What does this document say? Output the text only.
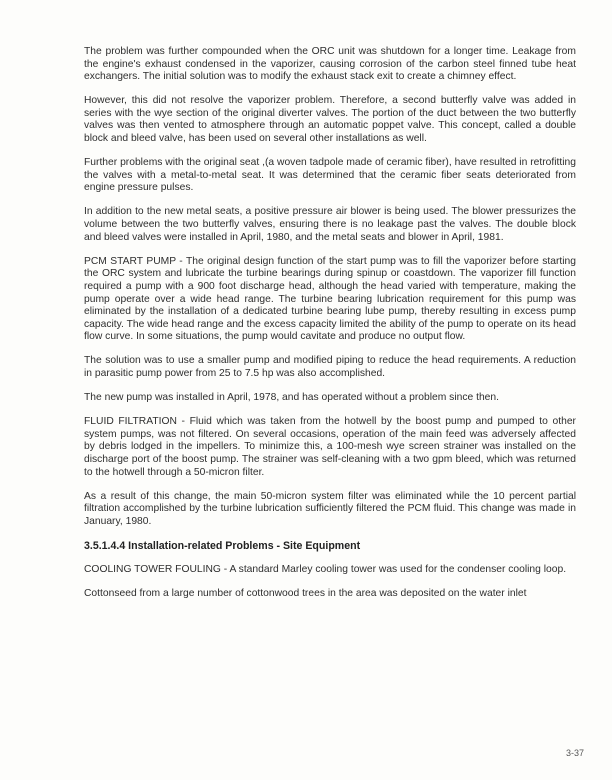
The problem was further compounded when the ORC unit was shutdown for a longer time. Leakage from the engine's exhaust condensed in the vaporizer, causing corrosion of the carbon steel finned tube heat exchangers. The initial solution was to modify the exhaust stack exit to create a chimney effect.

However, this did not resolve the vaporizer problem. Therefore, a second butterfly valve was added in series with the wye section of the original diverter valves. The portion of the duct between the two butterfly valves was then vented to atmosphere through an automatic poppet valve. This concept, called a double block and bleed valve, has been used on several other installations as well.

Further problems with the original seat ,(a woven tadpole made of ceramic fiber), have resulted in retrofitting the valves with a metal-to-metal seat. It was determined that the ceramic fiber seats deteriorated from engine pressure pulses.

In addition to the new metal seats, a positive pressure air blower is being used. The blower pressurizes the volume between the two butterfly valves, ensuring there is no leakage past the valves. The double block and bleed valves were installed in April, 1980, and the metal seats and blower in April, 1981.

PCM START PUMP - The original design function of the start pump was to fill the vaporizer before starting the ORC system and lubricate the turbine bearings during spinup or coastdown. The vaporizer fill function required a pump with a 900 foot discharge head, although the head varied with temperature, making the pump operate over a wide head range. The turbine bearing lubrication requirement for this pump was eliminated by the installation of a dedicated turbine bearing lube pump, thereby resulting in excess pump capacity. The wide head range and the excess capacity limited the ability of the pump to operate on its head flow curve. In some situations, the pump would cavitate and produce no output flow.

The solution was to use a smaller pump and modified piping to reduce the head requirements. A reduction in parasitic pump power from 25 to 7.5 hp was also accomplished.

The new pump was installed in April, 1978, and has operated without a problem since then.

FLUID FILTRATION - Fluid which was taken from the hotwell by the boost pump and pumped to other system pumps, was not filtered. On several occasions, operation of the main feed was adversely affected by debris lodged in the impellers. To minimize this, a 100-mesh wye screen strainer was installed on the discharge port of the boost pump. The strainer was self-cleaning with a two gpm bleed, which was returned to the hotwell through a 50-micron filter.

As a result of this change, the main 50-micron system filter was eliminated while the 10 percent partial filtration accomplished by the turbine lubrication sufficiently filtered the PCM fluid. This change was made in January, 1980.

3.5.1.4.4 Installation-related Problems - Site Equipment

COOLING TOWER FOULING - A standard Marley cooling tower was used for the condenser cooling loop.

Cottonseed from a large number of cottonwood trees in the area was deposited on the water inlet

3-37
